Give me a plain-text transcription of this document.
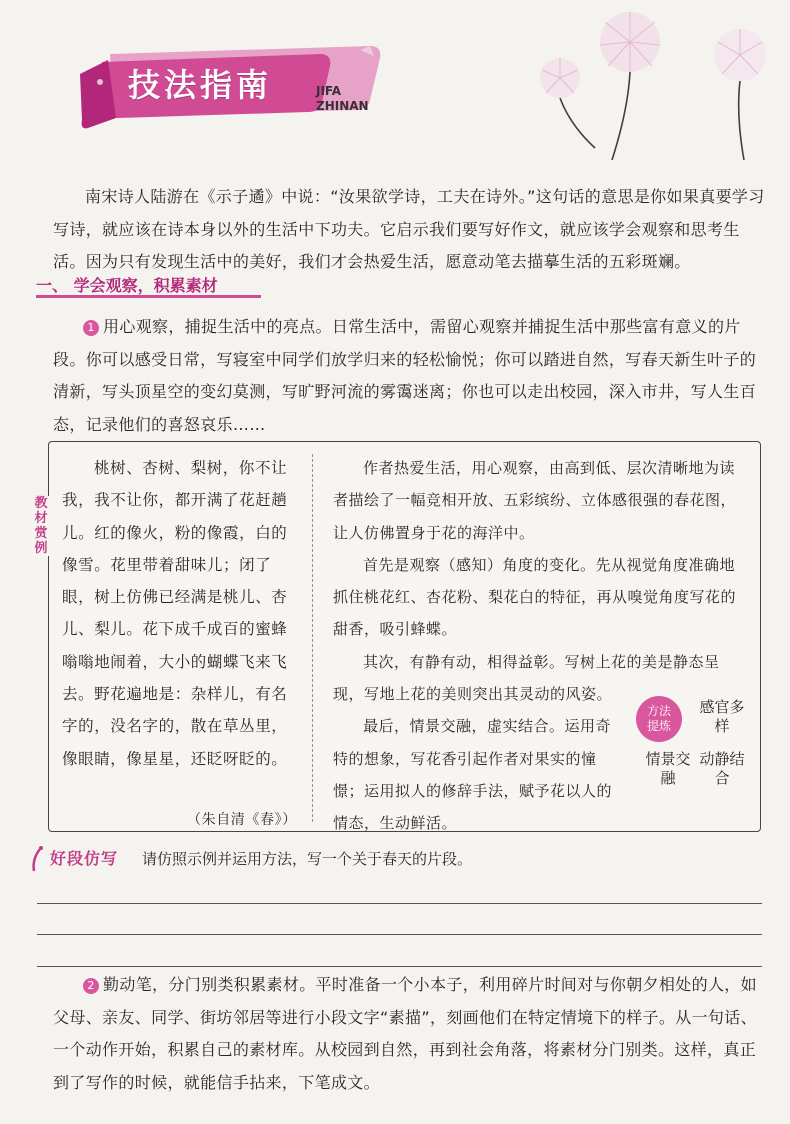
技法指南	JIFA
ZHINAN
南宋诗人陆游在《示子遹》中说：“汝果欲学诗，工夫在诗外。”这句话的意思是你如果真要学习写诗，就应该在诗本身以外的生活中下功夫。它启示我们要写好作文，就应该学会观察和思考生活。因为只有发现生活中的美好，我们才会热爱生活，愿意动笔去描摹生活的五彩斑斓。
一、 学会观察，积累素材
1 用心观察，捕捉生活中的亮点。日常生活中，需留心观察并捕捉生活中那些富有意义的片段。你可以感受日常，写寝室中同学们放学归来的轻松愉悦；你可以踏进自然，写春天新生叶子的清新，写头顶星空的变幻莫测，写旷野河流的雾霭迷离；你也可以走出校园，深入市井，写人生百态，记录他们的喜怒哀乐……
教材赏例
桃树、杏树、梨树，你不让我，我不让你，都开满了花赶趟儿。红的像火，粉的像霞，白的像雪。花里带着甜味儿；闭了眼，树上仿佛已经满是桃儿、杏儿、梨儿。花下成千成百的蜜蜂嗡嗡地闹着，大小的蝴蝶飞来飞去。野花遍地是：杂样儿，有名字的，没名字的，散在草丛里，像眼睛，像星星，还眨呀眨的。
（朱自清《春》）

作者热爱生活，用心观察，由高到低、层次清晰地为读者描绘了一幅竞相开放、五彩缤纷、立体感很强的春花图，让人仿佛置身于花的海洋中。

首先是观察（感知）角度的变化。先从视觉角度准确地抓住桃花红、杏花粉、梨花白的特征，再从嗅觉角度写花的甜香，吸引蜂蝶。

其次，有静有动，相得益彰。写树上花的美是静态呈现，写地上花的美则突出其灵动的风姿。

最后，情景交融，虚实结合。运用奇特的想象，写花香引起作者对果实的憧憬；运用拟人的修辞手法，赋予花以人的情态，生动鲜活。

方法
提炼
感官多样
情景交融
动静结合
好段仿写 请仿照示例并运用方法，写一个关于春天的片段。
2 勤动笔，分门别类积累素材。平时准备一个小本子，利用碎片时间对与你朝夕相处的人，如父母、亲友、同学、街坊邻居等进行小段文字“素描”，刻画他们在特定情境下的样子。从一句话、一个动作开始，积累自己的素材库。从校园到自然，再到社会角落，将素材分门别类。这样，真正到了写作的时候，就能信手拈来，下笔成文。
